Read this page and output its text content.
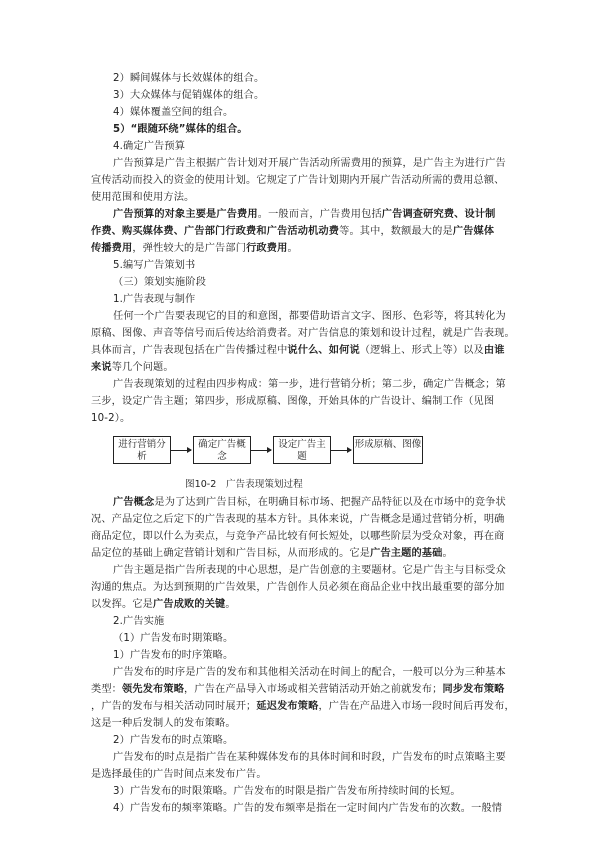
2）瞬间媒体与长效媒体的组合。
3）大众媒体与促销媒体的组合。
4）媒体覆盖空间的组合。
5）“跟随环绕”媒体的组合。
4.确定广告预算
广告预算是广告主根据广告计划对开展广告活动所需费用的预算，是广告主为进行广告
宣传活动而投入的资金的使用计划。它规定了广告计划期内开展广告活动所需的费用总额、
使用范围和使用方法。
广告预算的对象主要是广告费用。一般而言，广告费用包括广告调查研究费、设计制
作费、购买媒体费、广告部门行政费和广告活动机动费等。其中，数额最大的是广告媒体
传播费用，弹性较大的是广告部门行政费用。
5.编写广告策划书
（三）策划实施阶段
1.广告表现与制作
任何一个广告要表现它的目的和意图，都要借助语言文字、图形、色彩等，将其转化为
原稿、图像、声音等信号而后传达给消费者。对广告信息的策划和设计过程，就是广告表现。
具体而言，广告表现包括在广告传播过程中说什么、如何说（逻辑上、形式上等）以及由谁
来说等几个问题。
广告表现策划的过程由四步构成：第一步，进行营销分析；第二步，确定广告概念；第
三步，设定广告主题；第四步，形成原稿、图像，开始具体的广告设计、编制工作（见图
10-2）。
进行营销分析
确定广告概念
设定广告主题
形成原稿、图像
图10-2　广告表现策划过程
广告概念是为了达到广告目标，在明确目标市场、把握产品特征以及在市场中的竞争状
况、产品定位之后定下的广告表现的基本方针。具体来说，广告概念是通过营销分析，明确
商品定位，即以什么为卖点，与竞争产品比较有何长短处，以哪些阶层为受众对象，再在商
品定位的基础上确定营销计划和广告目标，从而形成的。它是广告主题的基础。
广告主题是指广告所表现的中心思想，是广告创意的主要题材。它是广告主与目标受众
沟通的焦点。为达到预期的广告效果，广告创作人员必须在商品企业中找出最重要的部分加
以发挥。它是广告成败的关键。
2.广告实施
（1）广告发布时期策略。
1）广告发布的时序策略。
广告发布的时序是广告的发布和其他相关活动在时间上的配合，一般可以分为三种基本
类型：领先发布策略，广告在产品导入市场或相关营销活动开始之前就发布；同步发布策略
，广告的发布与相关活动同时展开；延迟发布策略，广告在产品进入市场一段时间后再发布，
这是一种后发制人的发布策略。
2）广告发布的时点策略。
广告发布的时点是指广告在某种媒体发布的具体时间和时段，广告发布的时点策略主要
是选择最佳的广告时间点来发布广告。
3）广告发布的时限策略。广告发布的时限是指广告发布所持续时间的长短。
4）广告发布的频率策略。广告的发布频率是指在一定时间内广告发布的次数。一般情
